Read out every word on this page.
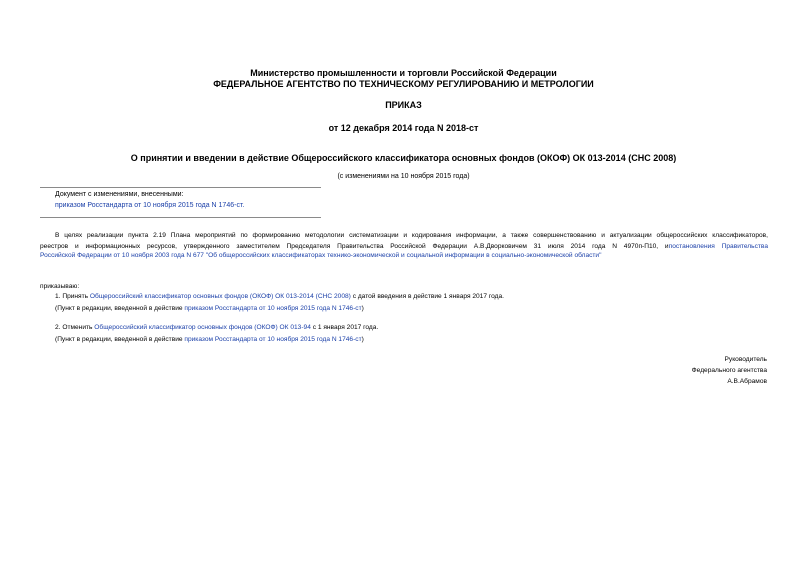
Министерство промышленности и торговли Российской Федерации
ФЕДЕРАЛЬНОЕ АГЕНТСТВО ПО ТЕХНИЧЕСКОМУ РЕГУЛИРОВАНИЮ И МЕТРОЛОГИИ
ПРИКАЗ
от 12 декабря 2014 года N 2018-ст
О принятии и введении в действие Общероссийского классификатора основных фондов (ОКОФ) ОК 013-2014 (СНС 2008)
(с изменениями на 10 ноября 2015 года)
Документ с изменениями, внесенными:
приказом Росстандарта от 10 ноября 2015 года N 1746-ст.
В целях реализации пункта 2.19 Плана мероприятий по формированию методологии систематизации и кодирования информации, а также совершенствованию и актуализации общероссийских классификаторов,
реестров и информационных ресурсов, утвержденного заместителем Председателя Правительства Российской Федерации А.В.Дворковичем 31 июля 2014 года N 4970п-П10, ипостановления Правительства
Российской Федерации от 10 ноября 2003 года N 677 "Об общероссийских классификаторах технико-экономической и социальной информации в социально-экономической области"
приказываю:
1. Принять Общероссийский классификатор основных фондов (ОКОФ) ОК 013-2014 (СНС 2008) с датой введения в действие 1 января 2017 года.
(Пункт в редакции, введенной в действие приказом Росстандарта от 10 ноября 2015 года N 1746-ст)
2. Отменить Общероссийский классификатор основных фондов (ОКОФ) ОК 013-94 с 1 января 2017 года.
(Пункт в редакции, введенной в действие приказом Росстандарта от 10 ноября 2015 года N 1746-ст)
Руководитель
Федерального агентства
А.В.Абрамов
